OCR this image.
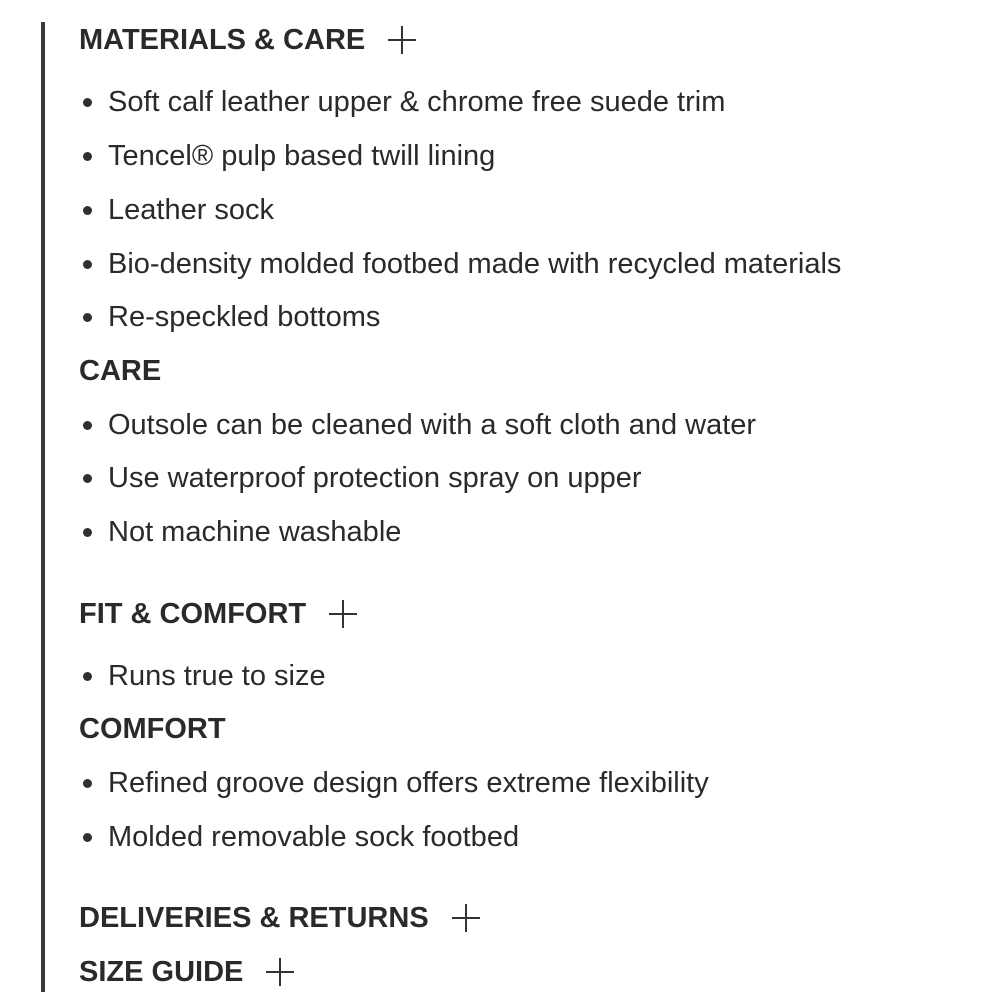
MATERIALS & CARE
Soft calf leather upper & chrome free suede trim
Tencel® pulp based twill lining
Leather sock
Bio-density molded footbed made with recycled materials
Re-speckled bottoms
CARE
Outsole can be cleaned with a soft cloth and water
Use waterproof protection spray on upper
Not machine washable
FIT & COMFORT
Runs true to size
COMFORT
Refined groove design offers extreme flexibility
Molded removable sock footbed
DELIVERIES & RETURNS
SIZE GUIDE
